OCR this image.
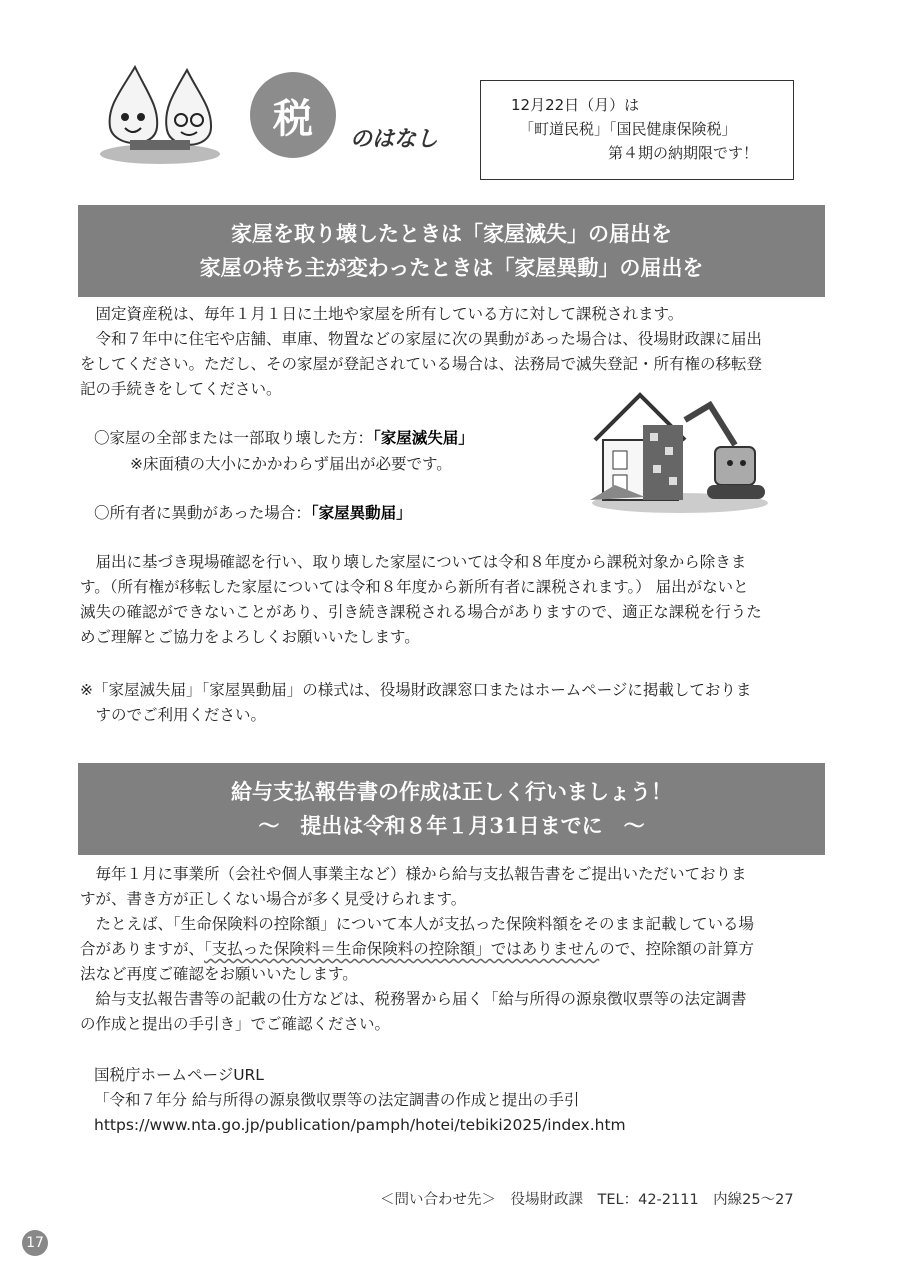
税 のはなし
12月22日（月）は
「町道民税」「国民健康保険税」
第４期の納期限です！
家屋を取り壊したときは「家屋滅失」の届出を
家屋の持ち主が変わったときは「家屋異動」の届出を
　固定資産税は、毎年１月１日に土地や家屋を所有している方に対して課税されます。
　令和７年中に住宅や店舗、車庫、物置などの家屋に次の異動があった場合は、役場財政課に届出
をしてください。ただし、その家屋が登記されている場合は、法務局で滅失登記・所有権の移転登
記の手続きをしてください。
〇家屋の全部または一部取り壊した方：「家屋滅失届」
※床面積の大小にかかわらず届出が必要です。
〇所有者に異動があった場合：「家屋異動届」
　届出に基づき現場確認を行い、取り壊した家屋については令和８年度から課税対象から除きま
す。（所有権が移転した家屋については令和８年度から新所有者に課税されます。） 届出がないと
滅失の確認ができないことがあり、引き続き課税される場合がありますので、適正な課税を行うた
めご理解とご協力をよろしくお願いいたします。
※「家屋滅失届」「家屋異動届」の様式は、役場財政課窓口またはホームページに掲載しておりま
　すのでご利用ください。
給与支払報告書の作成は正しく行いましょう！
〜　提出は令和８年１月31日までに　〜
　毎年１月に事業所（会社や個人事業主など）様から給与支払報告書をご提出いただいておりま
すが、書き方が正しくない場合が多く見受けられます。
　たとえば、「生命保険料の控除額」について本人が支払った保険料額をそのまま記載している場
合がありますが、「支払った保険料＝生命保険料の控除額」ではありませんので、控除額の計算方
法など再度ご確認をお願いいたします。
　給与支払報告書等の記載の仕方などは、税務署から届く「給与所得の源泉徴収票等の法定調書
の作成と提出の手引き」でご確認ください。
国税庁ホームページURL
「令和７年分 給与所得の源泉徴収票等の法定調書の作成と提出の手引
https://www.nta.go.jp/publication/pamph/hotei/tebiki2025/index.htm
＜問い合わせ先＞　役場財政課　TEL：42-2111　内線25〜27
17
